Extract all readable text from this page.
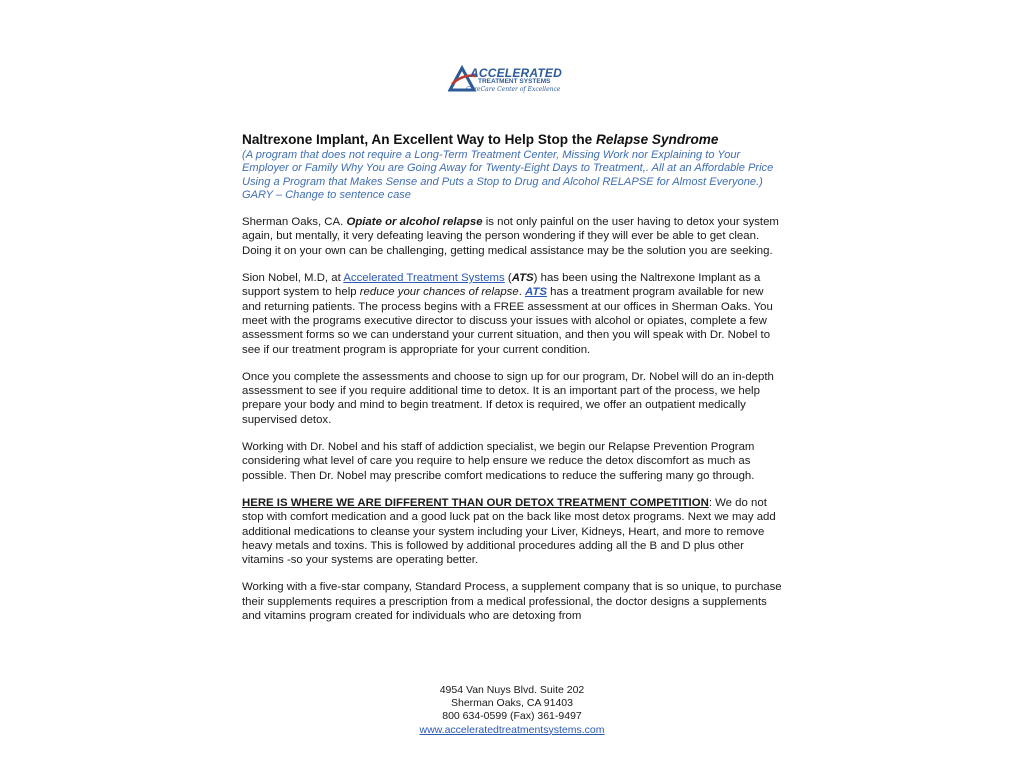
ACCELERATED
TREATMENT SYSTEMS
CareCare Center of Excellence
Naltrexone Implant, An Excellent Way to Help Stop the Relapse Syndrome

(A program that does not require a Long-Term Treatment Center, Missing Work nor Explaining to Your Employer or Family Why You are Going Away for Twenty-Eight Days to Treatment,. All at an Affordable Price Using a Program that Makes Sense and Puts a Stop to Drug and Alcohol RELAPSE for Almost Everyone.) GARY – Change to sentence case

Sherman Oaks, CA. Opiate or alcohol relapse is not only painful on the user having to detox your system again, but mentally, it very defeating leaving the person wondering if they will ever be able to get clean. Doing it on your own can be challenging, getting medical assistance may be the solution you are seeking.

Sion Nobel, M.D, at Accelerated Treatment Systems (ATS) has been using the Naltrexone Implant as a support system to help reduce your chances of relapse. ATS has a treatment program available for new and returning patients. The process begins with a FREE assessment at our offices in Sherman Oaks. You meet with the programs executive director to discuss your issues with alcohol or opiates, complete a few assessment forms so we can understand your current situation, and then you will speak with Dr. Nobel to see if our treatment program is appropriate for your current condition.

Once you complete the assessments and choose to sign up for our program, Dr. Nobel will do an in-depth assessment to see if you require additional time to detox. It is an important part of the process, we help prepare your body and mind to begin treatment. If detox is required, we offer an outpatient medically supervised detox.

Working with Dr. Nobel and his staff of addiction specialist, we begin our Relapse Prevention Program considering what level of care you require to help ensure we reduce the detox discomfort as much as possible. Then Dr. Nobel may prescribe comfort medications to reduce the suffering many go through.

HERE IS WHERE WE ARE DIFFERENT THAN OUR DETOX TREATMENT COMPETITION: We do not stop with comfort medication and a good luck pat on the back like most detox programs. Next we may add additional medications to cleanse your system including your Liver, Kidneys, Heart, and more to remove heavy metals and toxins. This is followed by additional procedures adding all the B and D plus other vitamins -so your systems are operating better.

Working with a five-star company, Standard Process, a supplement company that is so unique, to purchase their supplements requires a prescription from a medical professional, the doctor designs a supplements and vitamins program created for individuals who are detoxing from

4954 Van Nuys Blvd. Suite 202
Sherman Oaks, CA 91403
800 634-0599 (Fax) 361-9497
www.acceleratedtreatmentsystems.com
